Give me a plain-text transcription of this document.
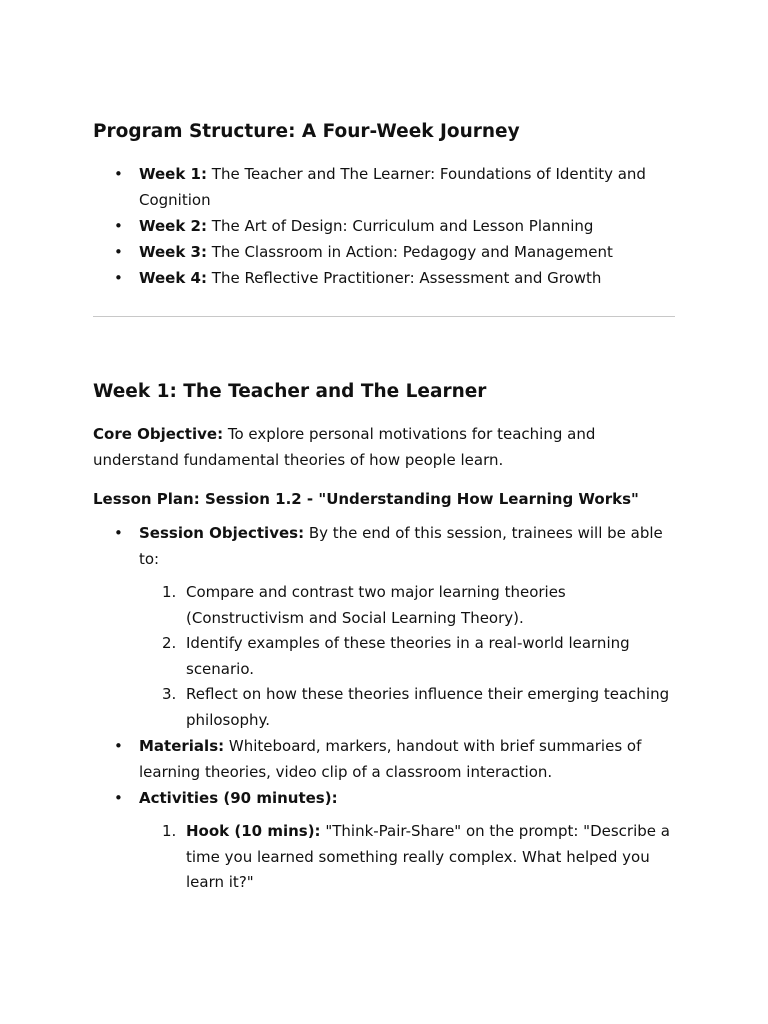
Program Structure: A Four-Week Journey
• Week 1: The Teacher and The Learner: Foundations of Identity and Cognition
• Week 2: The Art of Design: Curriculum and Lesson Planning
• Week 3: The Classroom in Action: Pedagogy and Management
• Week 4: The Reflective Practitioner: Assessment and Growth
Week 1: The Teacher and The Learner

Core Objective: To explore personal motivations for teaching and understand fundamental theories of how people learn.

Lesson Plan: Session 1.2 - "Understanding How Learning Works"

• Session Objectives: By the end of this session, trainees will be able to:
1. Compare and contrast two major learning theories (Constructivism and Social Learning Theory).
2. Identify examples of these theories in a real-world learning scenario.
3. Reflect on how these theories influence their emerging teaching philosophy.
• Materials: Whiteboard, markers, handout with brief summaries of learning theories, video clip of a classroom interaction.
• Activities (90 minutes):
1. Hook (10 mins): "Think-Pair-Share" on the prompt: "Describe a time you learned something really complex. What helped you learn it?"
